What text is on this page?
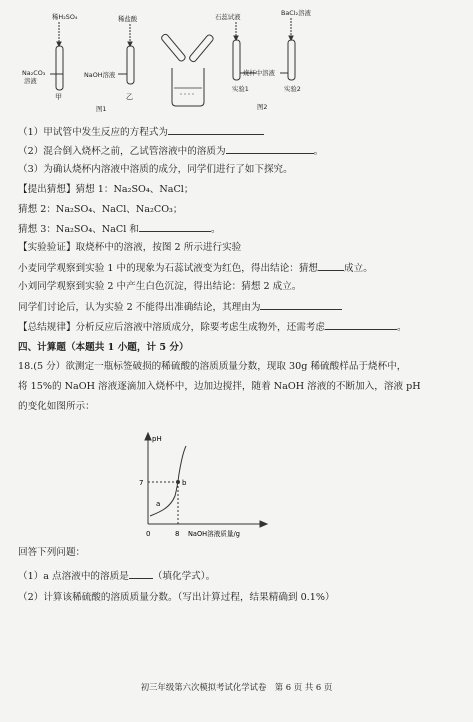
稀H₂SO₄	稀盐酸
Na₂CO₃
溶液
NaOH溶液
甲	乙
图1
石蕊试液	BaCl₂溶液
烧杯中溶液
实验1	实验2
图2
（1）甲试管中发生反应的方程式为
（2）混合倒入烧杯之前，乙试管溶液中的溶质为	。
（3）为确认烧杯内溶液中溶质的成分，同学们进行了如下探究。
【提出猜想】猜想 1：Na₂SO₄、NaCl；
猜想 2：Na₂SO₄、NaCl、Na₂CO₃；
猜想 3：Na₂SO₄、NaCl 和	。
【实验验证】取烧杯中的溶液，按图 2 所示进行实验
小麦同学观察到实验 1 中的现象为石蕊试液变为红色，得出结论：猜想	成立。
小刘同学观察到实验 2 中产生白色沉淀，得出结论：猜想 2 成立。
同学们讨论后，认为实验 2 不能得出准确结论，其理由为
【总结规律】分析反应后溶液中溶质成分，除要考虑生成物外，还需考虑	。
四、计算题（本题共 1 小题，计 5 分）
18.(5 分）欲测定一瓶标签破损的稀硫酸的溶质质量分数，现取 30g 稀硫酸样品于烧杯中，
将 15%的 NaOH 溶液逐滴加入烧杯中，边加边搅拌，随着 NaOH 溶液的不断加入，溶液 pH
的变化如图所示：
pH
7
0	8
a
b
NaOH溶液质量/g
回答下列问题：
（1）a 点溶液中的溶质是	（填化学式）。
（2）计算该稀硫酸的溶质质量分数。（写出计算过程，结果精确到 0.1%）
初三年级第六次模拟考试化学试卷　第 6 页 共 6 页
